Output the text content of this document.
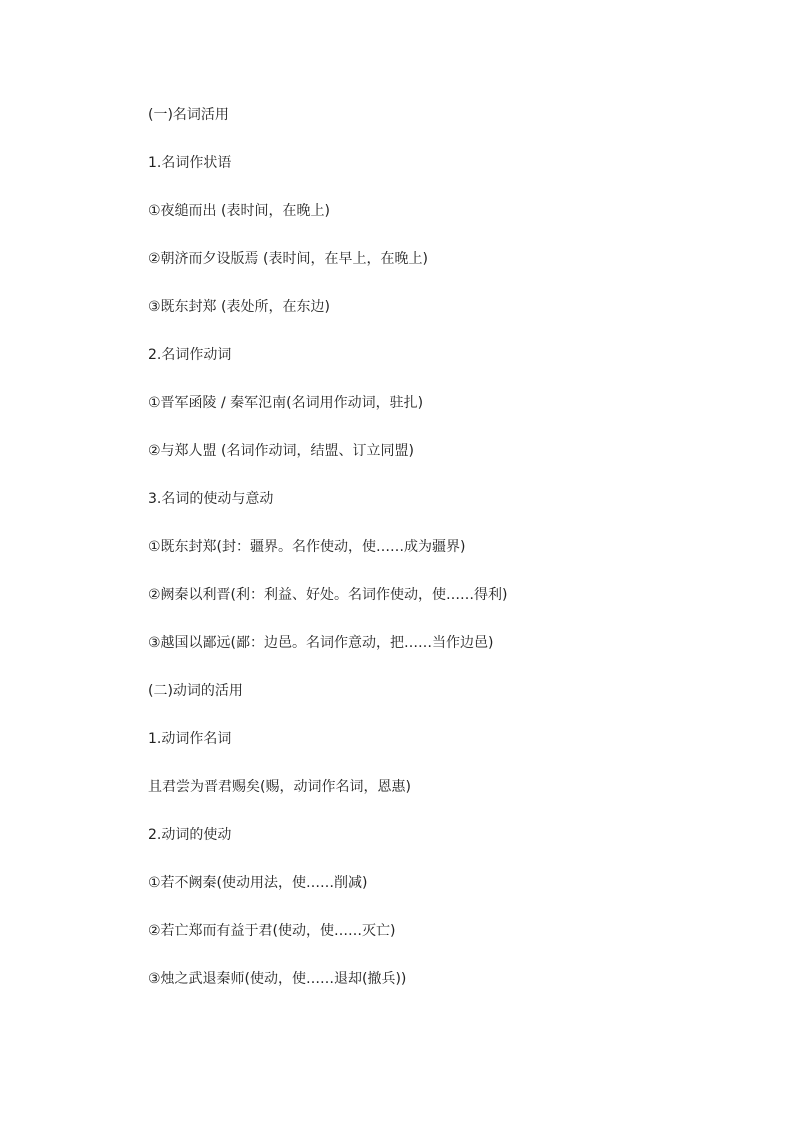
(一)名词活用

1.名词作状语

①夜缒而出 (表时间，在晚上)

②朝济而夕设版焉 (表时间，在早上，在晚上)

③既东封郑 (表处所，在东边)

2.名词作动词

①晋军函陵 / 秦军氾南(名词用作动词，驻扎)

②与郑人盟 (名词作动词，结盟、订立同盟)

3.名词的使动与意动

①既东封郑(封：疆界。名作使动，使……成为疆界)

②阙秦以利晋(利：利益、好处。名词作使动，使……得利)

③越国以鄙远(鄙：边邑。名词作意动，把……当作边邑)

(二)动词的活用

1.动词作名词

且君尝为晋君赐矣(赐，动词作名词，恩惠)

2.动词的使动

①若不阙秦(使动用法，使……削减)

②若亡郑而有益于君(使动，使……灭亡)

③烛之武退秦师(使动，使……退却(撤兵))
